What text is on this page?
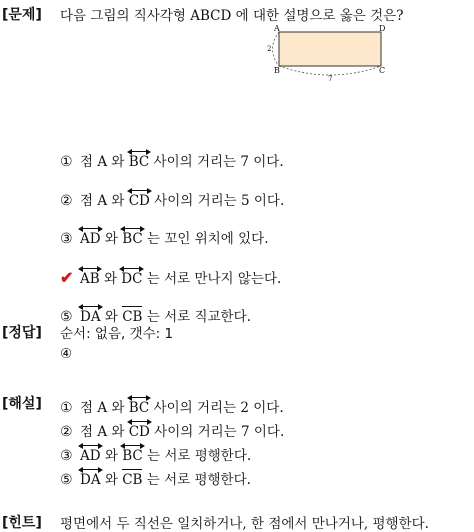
[문제]
[정답]
[해설]
[힌트]
다음 그림의 직사각형 ABCD 에 대한 설명으로 옳은 것은?
A	D
B	C
2
7
① 점 A 와
BC 사이의 거리는 7 이다.
② 점 A 와
CD 사이의 거리는 5 이다.
③ AD 와
BC 는 꼬인 위치에 있다.
✔ AB 와
DC 는 서로 만나지 않는다.
⑤ DA 와
CB 는 서로 직교한다.
순서: 없음, 갯수: 1
④
① 점 A 와
BC 사이의 거리는 2 이다.
② 점 A 와
CD 사이의 거리는 7 이다.
③ AD 와
BC 는 서로 평행한다.
⑤ DA 와
CB 는 서로 평행한다.
평면에서 두 직선은 일치하거나, 한 점에서 만나거나, 평행한다.
